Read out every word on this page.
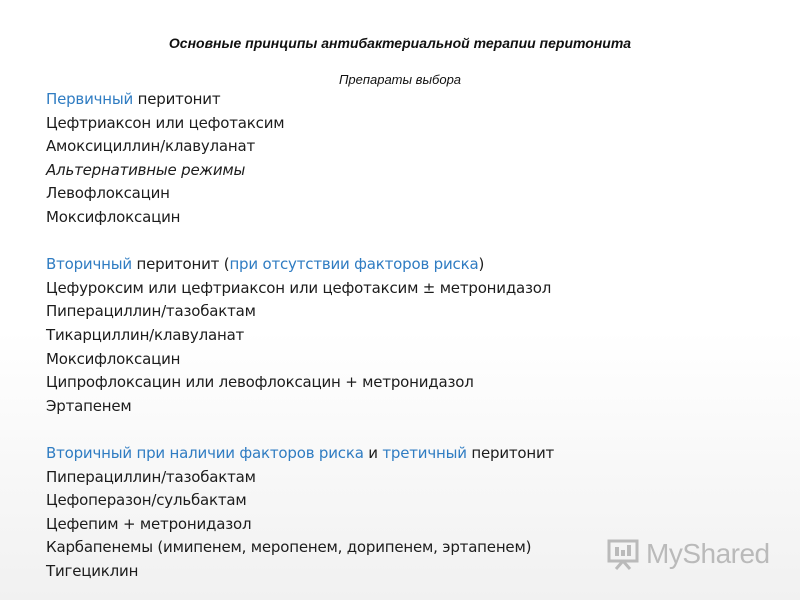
Основные принципы антибактериальной терапии перитонита
Препараты выбора
Первичный перитонит
Цефтриаксон или цефотаксим
Амоксициллин/клавуланат
Альтернативные режимы
Левофлоксацин
Моксифлоксацин
Вторичный перитонит (при отсутствии факторов риска)
Цефуроксим или цефтриаксон или цефотаксим ± метронидазол
Пиперациллин/тазобактам
Тикарциллин/клавуланат
Моксифлоксацин
Ципрофлоксацин или левофлоксацин + метронидазол
Эртапенем
Вторичный при наличии факторов риска и третичный перитонит
Пиперациллин/тазобактам
Цефоперазон/сульбактам
Цефепим + метронидазол
Карбапенемы (имипенем, меропенем, дорипенем, эртапенем)
Тигециклин
MyShared
